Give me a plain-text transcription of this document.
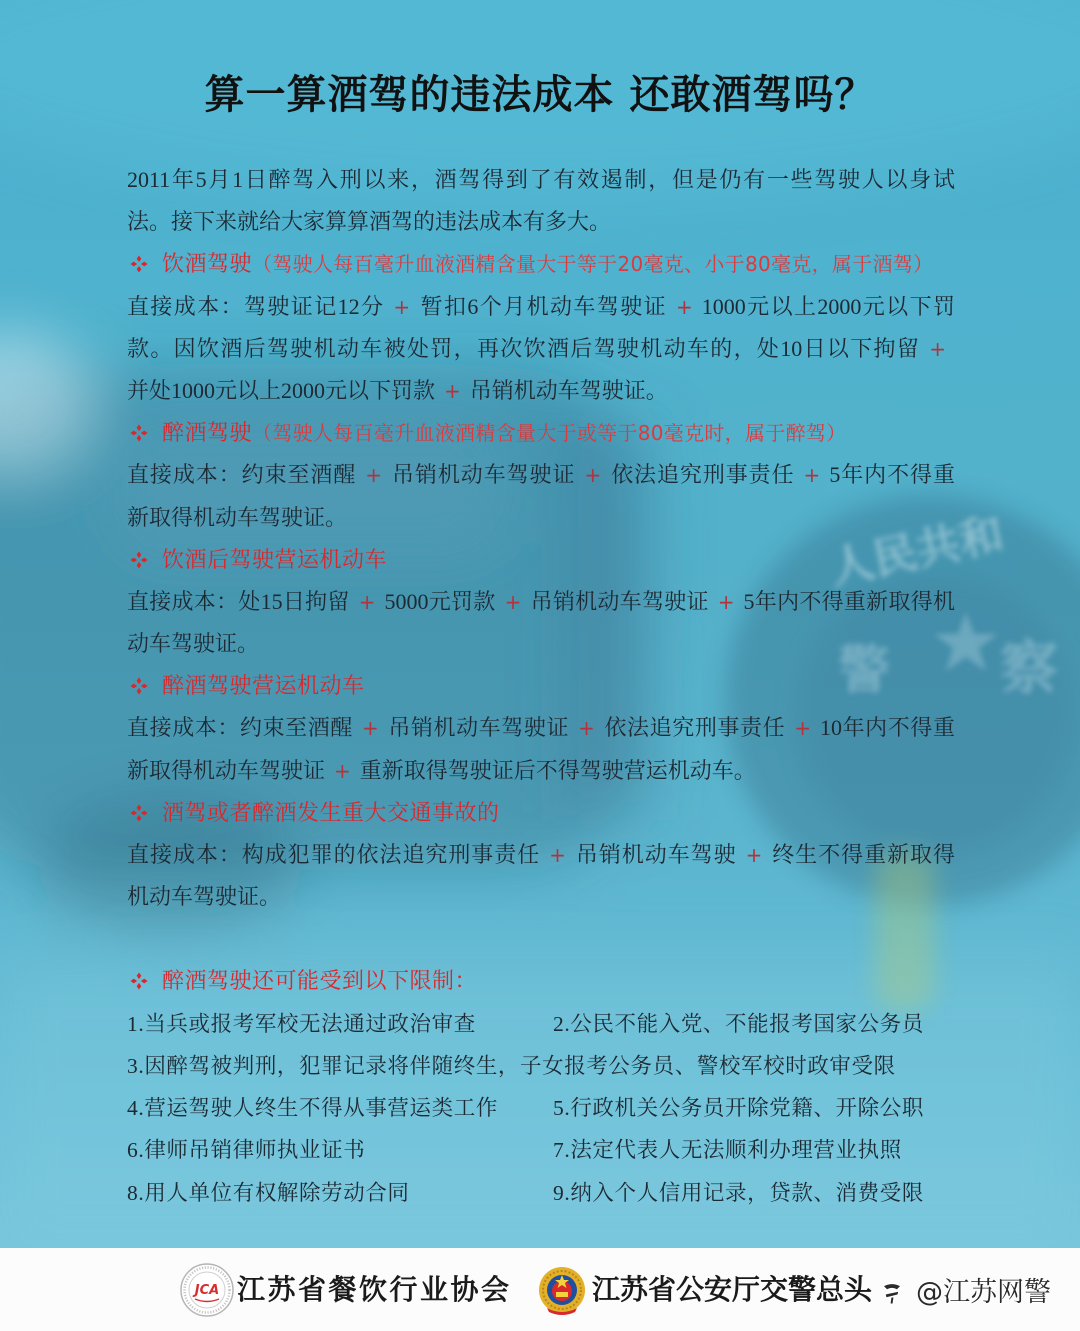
人民共和
警 察
算一算酒驾的违法成本 还敢酒驾吗？
2011年5月1日醉驾入刑以来，酒驾得到了有效遏制，但是仍有一些驾驶人以身试
法。接下来就给大家算算酒驾的违法成本有多大。
饮酒驾驶（驾驶人每百毫升血液酒精含量大于等于20毫克、小于80毫克，属于酒驾）
直接成本：驾驶证记12分 + 暂扣6个月机动车驾驶证 + 1000元以上2000元以下罚
款。因饮酒后驾驶机动车被处罚，再次饮酒后驾驶机动车的，处10日以下拘留 +
并处1000元以上2000元以下罚款 + 吊销机动车驾驶证。
醉酒驾驶（驾驶人每百毫升血液酒精含量大于或等于80毫克时，属于醉驾）
直接成本：约束至酒醒 + 吊销机动车驾驶证 + 依法追究刑事责任 + 5年内不得重
新取得机动车驾驶证。
饮酒后驾驶营运机动车
直接成本：处15日拘留 + 5000元罚款 + 吊销机动车驾驶证 + 5年内不得重新取得机
动车驾驶证。
醉酒驾驶营运机动车
直接成本：约束至酒醒 + 吊销机动车驾驶证 + 依法追究刑事责任 + 10年内不得重
新取得机动车驾驶证 + 重新取得驾驶证后不得驾驶营运机动车。
酒驾或者醉酒发生重大交通事故的
直接成本：构成犯罪的依法追究刑事责任 + 吊销机动车驾驶 + 终生不得重新取得
机动车驾驶证。
醉酒驾驶还可能受到以下限制：
1.当兵或报考军校无法通过政治审查	2.公民不能入党、不能报考国家公务员
3.因醉驾被判刑，犯罪记录将伴随终生，子女报考公务员、警校军校时政审受限
4.营运驾驶人终生不得从事营运类工作	5.行政机关公务员开除党籍、开除公职
6.律师吊销律师执业证书	7.法定代表人无法顺利办理营业执照
8.用人单位有权解除劳动合同	9.纳入个人信用记录，贷款、消费受限
JCA 江苏省餐饮行业协会	江苏省公安厅交警总头 @江苏网警
